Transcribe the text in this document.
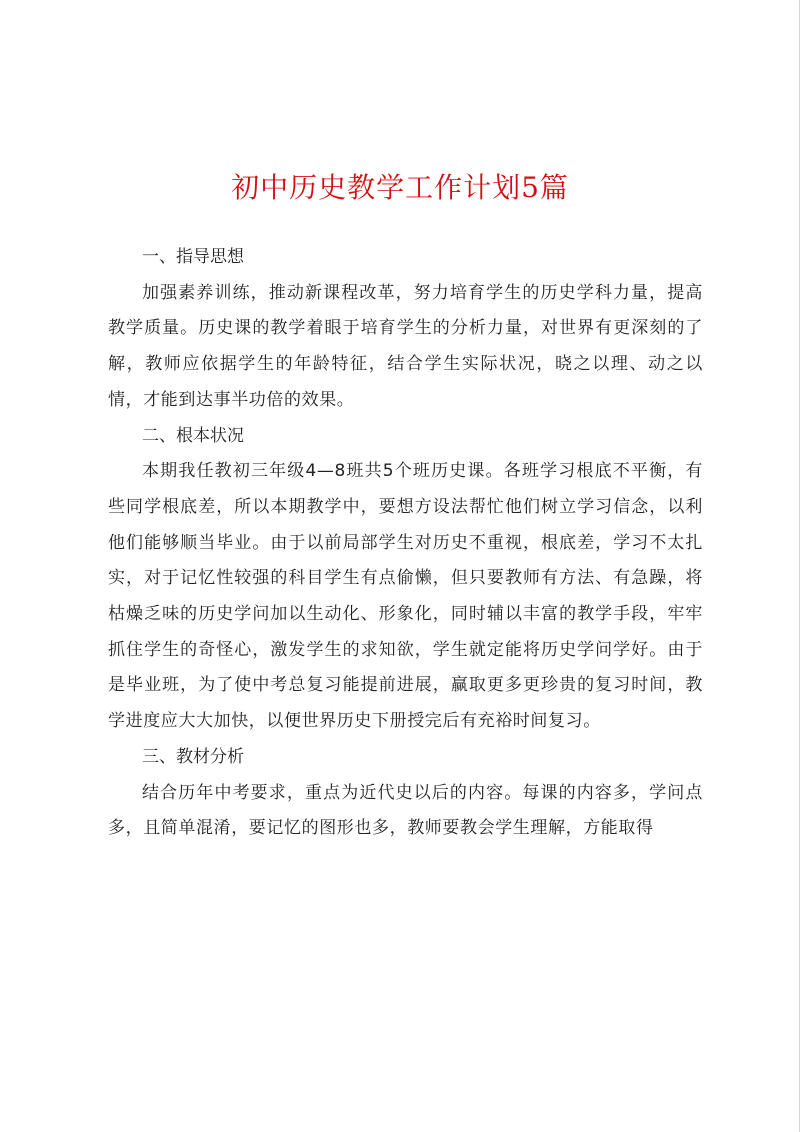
初中历史教学工作计划5篇
一、指导思想

加强素养训练，推动新课程改革，努力培育学生的历史学科力量，提高教学质量。历史课的教学着眼于培育学生的分析力量，对世界有更深刻的了解，教师应依据学生的年龄特征，结合学生实际状况，晓之以理、动之以情，才能到达事半功倍的效果。

二、根本状况

本期我任教初三年级4—8班共5个班历史课。各班学习根底不平衡，有些同学根底差，所以本期教学中，要想方设法帮忙他们树立学习信念，以利他们能够顺当毕业。由于以前局部学生对历史不重视，根底差，学习不太扎实，对于记忆性较强的科目学生有点偷懒，但只要教师有方法、有急躁，将枯燥乏味的历史学问加以生动化、形象化，同时辅以丰富的教学手段，牢牢抓住学生的奇怪心，激发学生的求知欲，学生就定能将历史学问学好。由于是毕业班，为了使中考总复习能提前进展，赢取更多更珍贵的复习时间，教学进度应大大加快，以便世界历史下册授完后有充裕时间复习。

三、教材分析

结合历年中考要求，重点为近代史以后的内容。每课的内容多，学问点多，且简单混淆，要记忆的图形也多，教师要教会学生理解，方能取得
